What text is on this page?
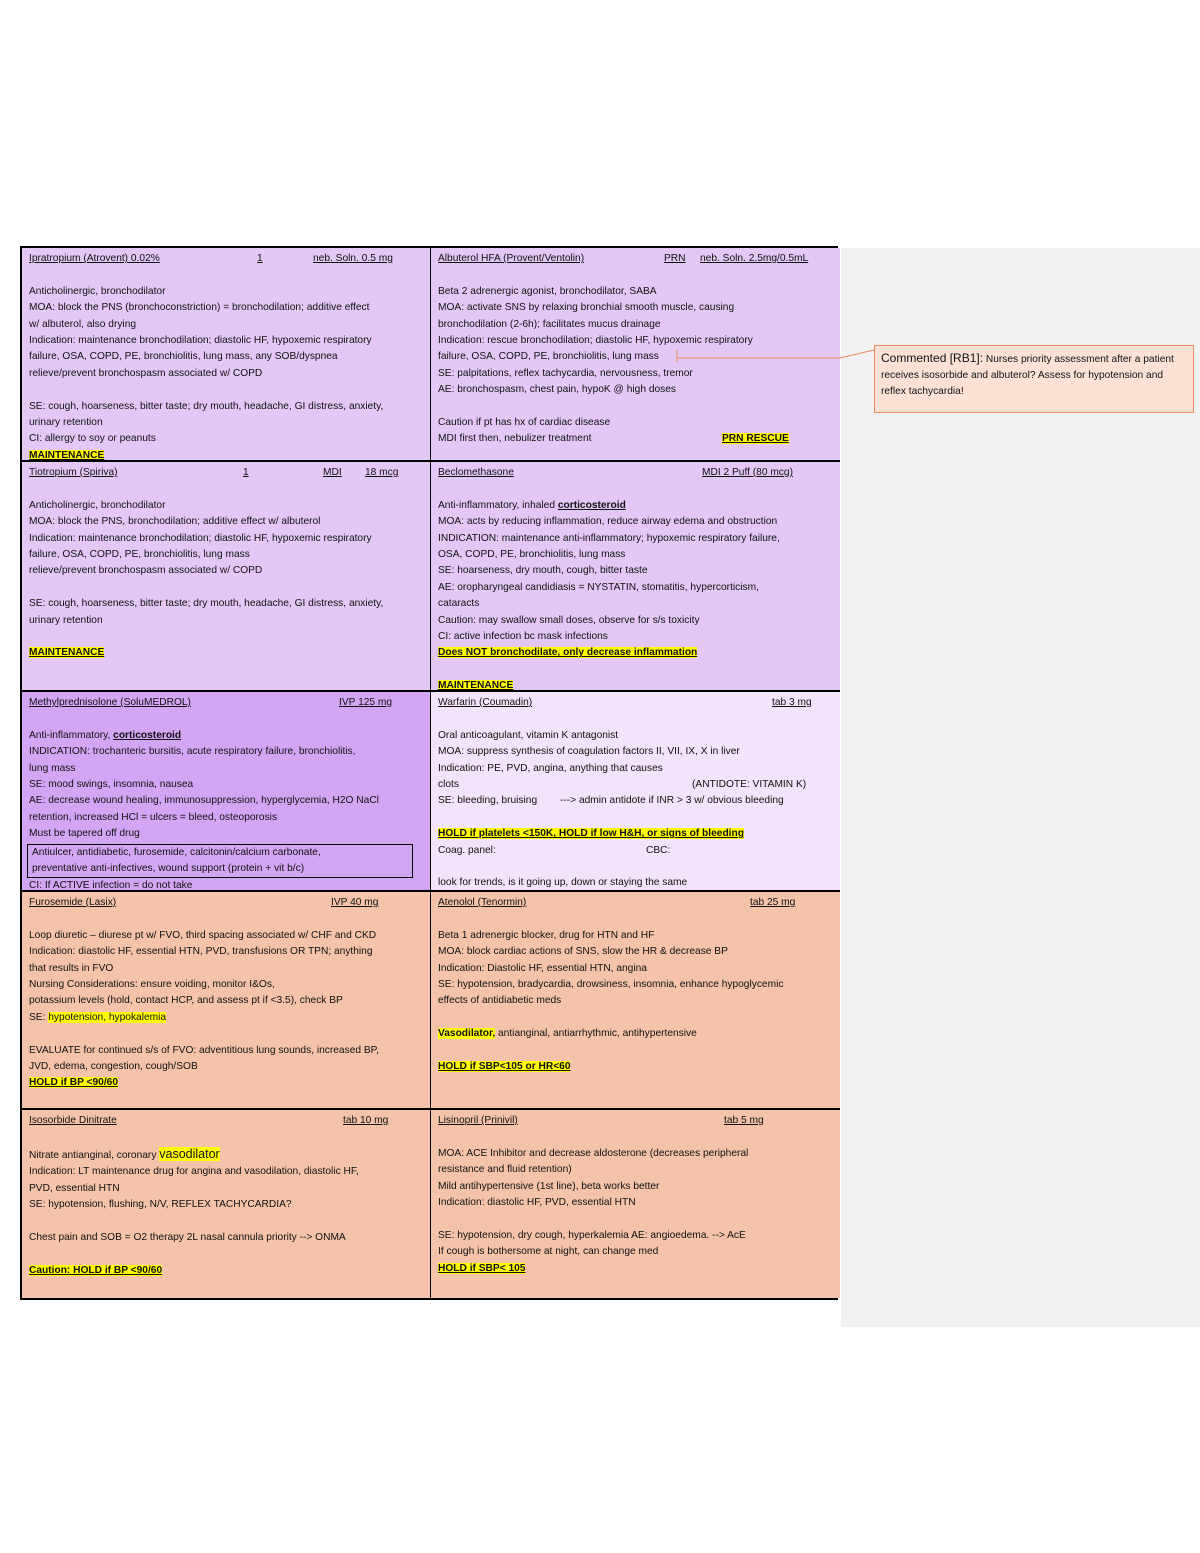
Ipratropium (Atrovent) 0.02%	1	neb. Soln. 0.5 mg
Anticholinergic, bronchodilator
MOA: block the PNS (bronchoconstriction) = bronchodilation; additive effect
w/ albuterol, also drying
Indication: maintenance bronchodilation; diastolic HF, hypoxemic respiratory
failure, OSA, COPD, PE, bronchiolitis, lung mass, any SOB/dyspnea
relieve/prevent bronchospasm associated w/ COPD
SE: cough, hoarseness, bitter taste; dry mouth, headache, GI distress, anxiety,
urinary retention
CI: allergy to soy or peanuts
MAINTENANCE
Albuterol HFA (Provent/Ventolin)	PRN	neb. Soln. 2.5mg/0.5mL
Beta 2 adrenergic agonist, bronchodilator, SABA
MOA: activate SNS by relaxing bronchial smooth muscle, causing
bronchodilation (2-6h); facilitates mucus drainage
Indication: rescue bronchodilation; diastolic HF, hypoxemic respiratory
failure, OSA, COPD, PE, bronchiolitis, lung mass
SE: palpitations, reflex tachycardia, nervousness, tremor
AE: bronchospasm, chest pain, hypoK @ high doses
Caution if pt has hx of cardiac disease
MDI first then, nebulizer treatment	PRN RESCUE
Tiotropium (Spiriva)	1	MDI	18 mcg
Anticholinergic, bronchodilator
MOA: block the PNS, bronchodilation; additive effect w/ albuterol
Indication: maintenance bronchodilation; diastolic HF, hypoxemic respiratory
failure, OSA, COPD, PE, bronchiolitis, lung mass
relieve/prevent bronchospasm associated w/ COPD
SE: cough, hoarseness, bitter taste; dry mouth, headache, GI distress, anxiety,
urinary retention
MAINTENANCE
Beclomethasone	MDI 2 Puff (80 mcg)
Anti-inflammatory, inhaled corticosteroid
MOA: acts by reducing inflammation, reduce airway edema and obstruction
INDICATION: maintenance anti-inflammatory; hypoxemic respiratory failure,
OSA, COPD, PE, bronchiolitis, lung mass
SE: hoarseness, dry mouth, cough, bitter taste
AE: oropharyngeal candidiasis = NYSTATIN, stomatitis, hypercorticism,
cataracts
Caution: may swallow small doses, observe for s/s toxicity
CI: active infection bc mask infections
Does NOT bronchodilate, only decrease inflammation
MAINTENANCE
Methylprednisolone (SoluMEDROL)	IVP 125 mg
Anti-inflammatory, corticosteroid
INDICATION: trochanteric bursitis, acute respiratory failure, bronchiolitis,
lung mass
SE: mood swings, insomnia, nausea
AE: decrease wound healing, immunosuppression, hyperglycemia, H2O NaCl
retention, increased HCl = ulcers = bleed, osteoporosis
Must be tapered off drug
Antiulcer, antidiabetic, furosemide, calcitonin/calcium carbonate,
preventative anti-infectives, wound support (protein + vit b/c)
CI: If ACTIVE infection = do not take
Warfarin (Coumadin)	tab 3 mg
Oral anticoagulant, vitamin K antagonist
MOA: suppress synthesis of coagulation factors II, VII, IX, X in liver
Indication: PE, PVD, angina, anything that causes
clots	(ANTIDOTE: VITAMIN K)
SE: bleeding, bruising ---> admin antidote if INR > 3 w/ obvious bleeding
HOLD if platelets <150K, HOLD if low H&H, or signs of bleeding
Coag. panel:	CBC:
look for trends, is it going up, down or staying the same
Furosemide (Lasix)	IVP 40 mg
Loop diuretic – diurese pt w/ FVO, third spacing associated w/ CHF and CKD
Indication: diastolic HF, essential HTN, PVD, transfusions OR TPN; anything
that results in FVO
Nursing Considerations: ensure voiding, monitor I&Os,
potassium levels (hold, contact HCP, and assess pt if <3.5), check BP
SE: hypotension, hypokalemia
EVALUATE for continued s/s of FVO: adventitious lung sounds, increased BP,
JVD, edema, congestion, cough/SOB
HOLD if BP <90/60
Atenolol (Tenormin)	tab 25 mg
Beta 1 adrenergic blocker, drug for HTN and HF
MOA: block cardiac actions of SNS, slow the HR & decrease BP
Indication: Diastolic HF, essential HTN, angina
SE: hypotension, bradycardia, drowsiness, insomnia, enhance hypoglycemic
effects of antidiabetic meds
Vasodilator, antianginal, antiarrhythmic, antihypertensive
HOLD if SBP<105 or HR<60
Isosorbide Dinitrate	tab 10 mg
Nitrate antianginal, coronary vasodilator
Indication: LT maintenance drug for angina and vasodilation, diastolic HF,
PVD, essential HTN
SE: hypotension, flushing, N/V, REFLEX TACHYCARDIA?
Chest pain and SOB = O2 therapy 2L nasal cannula priority --> ONMA
Caution: HOLD if BP <90/60
Lisinopril (Prinivil)	tab 5 mg
MOA: ACE Inhibitor and decrease aldosterone (decreases peripheral
resistance and fluid retention)
Mild antihypertensive (1st line), beta works better
Indication: diastolic HF, PVD, essential HTN
SE: hypotension, dry cough, hyperkalemia AE: angioedema. --> AcE
If cough is bothersome at night, can change med
HOLD if SBP< 105
Commented [RB1]: Nurses priority assessment after a patient receives isosorbide and albuterol? Assess for hypotension and reflex tachycardia!
